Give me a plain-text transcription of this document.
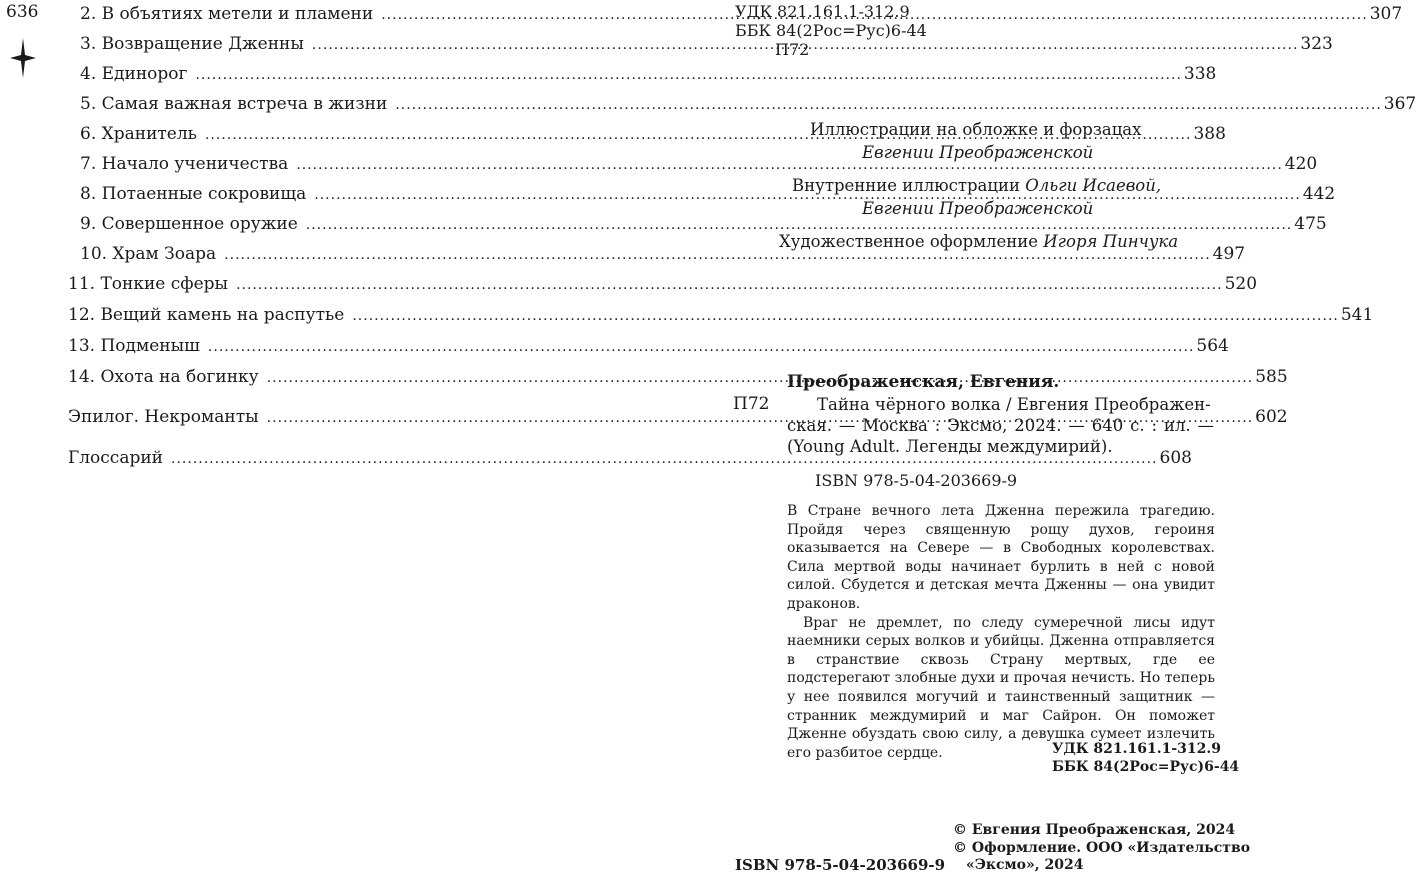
636 2. В объятиях метели и пламени .....	307
3. Возвращение Дженны .....	323
4. Единорог .....	338
5. Самая важная встреча в жизни .....	367
6. Хранитель .....	388
7. Начало ученичества .....	420
8. Потаенные сокровища .....	442
9. Совершенное оружие .....	475
10. Храм Зоара .....	497
11. Тонкие сферы .....	520
12. Вещий камень на распутье .....	541
13. Подменыш .....	564
14. Охота на богинку .....	585
Эпилог. Некроманты .....	602
Глоссарий .....	608
УДК 821.161.1-312.9
ББК 84(2Рос=Рус)6-44
П72
Иллюстрации на обложке и форзацах
Евгении Преображенской
Внутренние иллюстрации Ольги Исаевой,
Евгении Преображенской
Художественное оформление Игоря Пинчука
Преображенская, Евгения.
П72	Тайна чёрного волка / Евгения Преображен-
ская. — Москва : Эксмо, 2024. — 640 с. : ил. — (Young Adult. Легенды междумирий).
ISBN 978-5-04-203669-9

В Стране вечного лета Дженна пережила трагедию. Пройдя через священную рощу духов, героиня оказывается на Севере — в Свободных королевствах. Сила мертвой воды начинает бурлить в ней с новой силой. Сбудется и детская мечта Дженны — она увидит драконов.

Враг не дремлет, по следу сумеречной лисы идут наемники серых волков и убийцы. Дженна отправляется в странствие сквозь Страну мертвых, где ее подстерегают злобные духи и прочая нечисть. Но теперь у нее появился могучий и таинственный защитник — странник междумирий и маг Сайрон. Он поможет Дженне обуздать свою силу, а девушка сумеет излечить его разбитое сердце.	УДК 821.161.1-312.9
ББК 84(2Рос=Рус)6-44
ISBN 978-5-04-203669-9
© Евгения Преображенская, 2024
© Оформление. ООО «Издательство
«Эксмо», 2024
